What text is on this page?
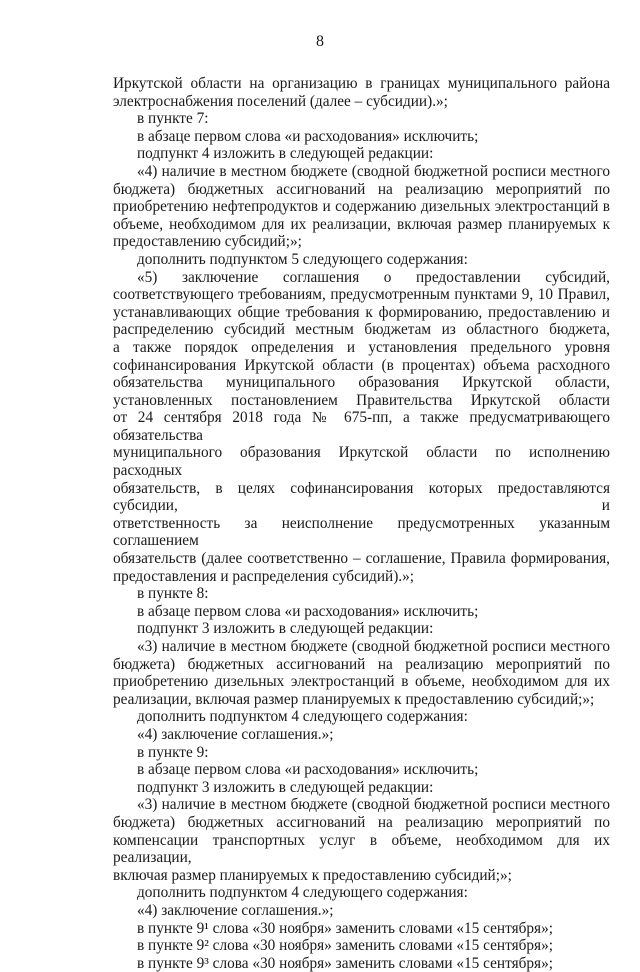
8

Иркутской области на организацию в границах муниципального района

электроснабжения поселений (далее – субсидии).»;

в пункте 7:

в абзаце первом слова «и расходования» исключить;

подпункт 4 изложить в следующей редакции:

«4) наличие в местном бюджете (сводной бюджетной росписи местного

бюджета) бюджетных ассигнований на реализацию мероприятий по

приобретению нефтепродуктов и содержанию дизельных электростанций в

объеме, необходимом для их реализации, включая размер планируемых к

предоставлению субсидий;»;

дополнить подпунктом 5 следующего содержания:

«5) заключение соглашения о предоставлении субсидий,

соответствующего требованиям, предусмотренным пунктами 9, 10 Правил,

устанавливающих общие требования к формированию, предоставлению и

распределению субсидий местным бюджетам из областного бюджета,

а также порядок определения и установления предельного уровня

софинансирования Иркутской области (в процентах) объема расходного

обязательства муниципального образования Иркутской области,

установленных постановлением Правительства Иркутской области

от 24 сентября 2018 года № 675-пп, а также предусматривающего обязательства

муниципального образования Иркутской области по исполнению расходных

обязательств, в целях софинансирования которых предоставляются субсидии, и

ответственность за неисполнение предусмотренных указанным соглашением

обязательств (далее соответственно – соглашение, Правила формирования,

предоставления и распределения субсидий).»;

в пункте 8:

в абзаце первом слова «и расходования» исключить;

подпункт 3 изложить в следующей редакции:

«3) наличие в местном бюджете (сводной бюджетной росписи местного

бюджета) бюджетных ассигнований на реализацию мероприятий по

приобретению дизельных электростанций в объеме, необходимом для их

реализации, включая размер планируемых к предоставлению субсидий;»;

дополнить подпунктом 4 следующего содержания:

«4) заключение соглашения.»;

в пункте 9:

в абзаце первом слова «и расходования» исключить;

подпункт 3 изложить в следующей редакции:

«3) наличие в местном бюджете (сводной бюджетной росписи местного

бюджета) бюджетных ассигнований на реализацию мероприятий по

компенсации транспортных услуг в объеме, необходимом для их реализации,

включая размер планируемых к предоставлению субсидий;»;

дополнить подпунктом 4 следующего содержания:

«4) заключение соглашения.»;

в пункте 9¹ слова «30 ноября» заменить словами «15 сентября»;

в пункте 9² слова «30 ноября» заменить словами «15 сентября»;

в пункте 9³ слова «30 ноября» заменить словами «15 сентября»;
